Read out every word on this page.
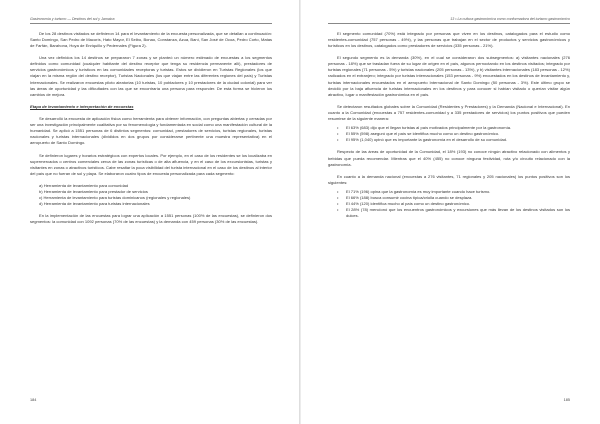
Gastronomía y turismo — Destinos del sol y Jamaica

De los 28 destinos visitados se definieron 14 para el levantamiento de la encuesta personalizada, que se detallan a continuación: Santo Domingo, San Pedro de Macorís, Hato Mayor, El Seibo, Bonao, Constanza, Azua, Baní, San José de Ocoa, Pedro Corto, Matas de Farfán, Barahona, Hoya de Enriquillo y Pedernales (Figura 2).

Una vez definidos los 14 destinos se prepararon 7 zonas y se planteó un número estimado de encuestas a los segmentos definidos como comunidad (cualquier habitante del destino receptor que tenga su residencia permanente allí), prestadores de servicios gastronómicos y turísticos en las comunidades receptoras y turistas. Estos se dividieron en Turistas Regionales (los que viajan en la misma región del destino receptor), Turistas Nacionales (los que viajan entre las diferentes regiones del país) y Turistas Internacionales. Se realizaron encuestas piloto aleatorias (10 turistas, 10 pobladores y 10 prestadores de la ciudad colonial) para ver las áreas de oportunidad y las dificultades con las que se encontraría una persona para responder. De esta forma se hicieron los cambios de mejora.

Etapa de levantamiento e interpretación de encuestas

Se desarrolló la encuesta de aplicación física como herramienta para obtener información, con preguntas abiertas y cerradas por ser una investigación principalmente cualitativa por su fenomenología y fundamentada en social como una manifestación cultural de la humanidad. Se aplicó a 1551 personas de 6 distintos segmentos: comunidad, prestadores de servicios, turistas regionales, turistas nacionales y turistas internacionales (divididos en dos grupos por considerarse pertinente una muestra representativa) en el aeropuerto de Santo Domingo.

Se definieron lugares y horarios estratégicos con expertos locales. Por ejemplo, en el caso de los residentes se los localizaba en supermercados o centros comerciales cerca de las zonas turísticas o de alta afluencia, y en el caso de los excursionistas, turistas y visitantes en zonas o atractivos turísticos. Cabe resaltar la poca visibilidad del turista internacional en el caso de los destinos al interior del país que no fueran de sol y playa. Se elaboraron cuatro tipos de encuesta personalizada para cada segmento:

a) Herramienta de levantamiento para comunidad
b) Herramienta de levantamiento para prestador de servicios
c) Herramienta de levantamiento para turistas dominicanos (regionales y regionales)
d) Herramienta de levantamiento para turistas internacionales

En la implementación de las encuestas para lograr una aplicación a 1551 personas (100% de las encuestas), se definieron dos segmentos: la comunidad con 1092 personas (70% de las encuestas) y la demanda con 459 personas (30% de las encuestas).

184
13 • La cultura gastronómica como conformadora del turismo gastronómico

El segmento comunidad (70%) está integrado por personas que viven en los destinos, catalogados para el estudio como residentes-comunidad (757 personas - 49%), y las personas que trabajan en el sector de productos y servicios gastronómicos y turísticos en los destinos, catalogados como prestadores de servicios (335 personas - 21%).

El segundo segmento es la demanda (30%), en el cual se consideraron dos subsegmentos: a) visitantes nacionales (276 personas - 18%) que se trasladan fuera de su lugar de origen en el país, algunos pernoctando en los destinos visitados; integrado por turistas regionales (71 personas - 5%) y turistas nacionales (205 personas - 13%), y b) visitantes internacionales (183 personas - 12%) radicados en el extranjero; integrado por turistas internacionales (153 personas - 9%) encuestados en los destinos de levantamiento y, turistas internacionales encuestados en el aeropuerto Internacional de Santo Domingo (50 personas - 3%). Este último grupo se decidió por la baja afluencia de turistas internacionales en los destinos y para conocer si habían visitado o querían visitar algún atractivo, lugar o manifestación gastronómica en el país.

Se detectaron resultados globales sobre la Comunidad (Residentes y Prestadores) y la Demanda (Nacional e Internacional). En cuanto a la Comunidad (encuestas a 757 residentes-comunidad y a 335 prestadores de servicios) los puntos positivos que pueden resumirse de la siguiente manera:

• El 63% (683) dijo que el llegan turistas al país motivados principalmente por la gastronomía.
• El 55% (598) aseguró que el país se identifica mucho como un destino gastronómico.
• El 95% (1,040) opinó que es importante la gastronomía en el desarrollo de su comunidad.

Respecto de las áreas de oportunidad de la Comunidad, el 18% (193) no conoce ningún atractivo relacionado con alimentos y bebidas que pueda recomendar. Mientras que el 40% (455) no conoce ninguna festividad, ruta y/o circuito relacionado con la gastronomía.

En cuanto a la demanda nacional (encuestas a 276 visitantes, 71 regionales y 205 nacionales) los puntos positivos son los siguientes:

• El 71% (196) opina que la gastronomía es muy importante cuando hace turismo.
• El 66% (188) busca consumir cocina típica/criolla cuando se desplaza.
• El 44% (120) identifica mucho al país como un destino gastronómico.
• El 28% (78) mencionó que los encuentros gastronómicos y excursiones que más llevan de los destinos visitados son los dulces.
185
